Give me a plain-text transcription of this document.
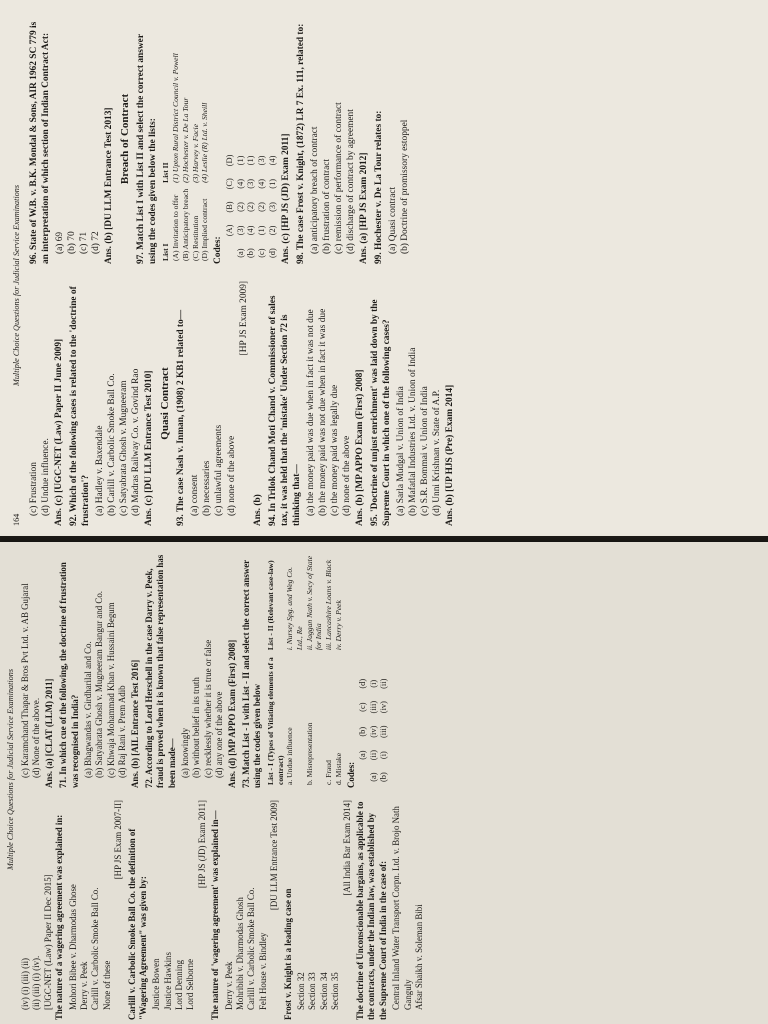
164
Multiple Choice Questions for Judicial Service Examinations
(c) Frustration (d) Undue influence. Ans. (c) [UGC-NET (Law) Paper II June 2009] 92. Which of the following cases is related to the 'doctrine of frustration'? (a) Hadley v. Baxendale (b) Carlill v. Carbolic Smoke Ball Co. (c) Satyabrata Ghosh v. Mugneeram (d) Madras Railway Co. v. Govind Rao Ans. (c) [DU LLM Entrance Test 2010] Quasi Contract 93. The case Nash v. Inman, (1908) 2 KB1 related to— (a) consent (b) necessaries (c) unlawful agreements (d) none of the above
[HP JS Exam 2009]
Ans. (b) 94. In Trilok Chand Moti Chand v. Commissioner of sales tax, it was held that the 'mistake' Under Section 72 is thinking that— (a) the money paid was due when in fact it was not due (b) the money paid was not due when in fact it was due (c) the money paid was legally due (d) none of the above Ans. (b) [MP APPO Exam (First) 2008] 95. 'Doctrine of unjust enrichment' was laid down by the Supreme Court in which one of the following cases? (a) Sarla Mudgal v. Union of India (b) Mafatlal Industries Ltd. v. Union of India (c) S.R. Bommai v. Union of India (d) Unni Krishnan v. State of A.P. Ans. (b) [UP HJS (Pre) Exam 2014]
96. State of W.B. v. B.K. Mondal & Sons, AIR 1962 SC 779 is an interpretation of which section of Indian Contract Act: (a) 69 (b) 70 (c) 71 (d) 72 Ans. (b) [DU LLM Entrance Test 2013] Breach of Contract 97. Match List I with List II and select the correct answer using the codes given below the lists: List I	List II
(A) Invitation to offer	(1) Upton Rural District Council v. Powell
(B) Anticipatory breach	(2) Hochester v. De La Tour
(C) Restitution	(3) Harvey v. Facie
(D) Implied contract	(4) Leslie (R) Ltd. v. Sheill
Codes:
	(A)	(B)	(C)	(D)
(a)	(3)	(2)	(4)	(1)
(b)	(4)	(2)	(3)	(1)
(c)	(1)	(2)	(4)	(3)
(d)	(2)	(3)	(1)	(4) Ans. (c) [HP JS (JD) Exam 2011] 98. The case Frost v. Knight, (1872) LR 7 Ex. 111, related to: (a) anticipatory breach of contract (b) frustration of contract (c) remission of performance of contract (d) discharge of contract by agreement Ans. (a) [HP JS Exam 2012] 99. Hochester v. De La Tour relates to: (a) Quasi contract (b) Doctrine of promissory estoppel
Multiple Choice Questions for Judicial Service Examinations
(iv) (i) (iii) (ii) (ii) (iii) (i) (iv). [UGC-NET (Law) Paper II Dec 2015] The nature of a wagering agreement was explained in: Mohori Bibee v. Dharmodas Ghose Derry v. Peek Carlill v. Carbolic Smoke Ball Co. None of these
[HP JS Exam 2007-II] Carlill v. Carbolic Smoke Ball Co. the definition of "Wagering Agreement" was given by: Justice Bowen Justice Hawkins Lord Denning Lord Selborne
[HP JS (JD) Exam 2011] The nature of 'wagering agreement' was explained in— Derry v. Peek Mohribibi v. Dharmodas Ghosh Carlill v. Carbolic Smoke Ball Co. Felt House v. Bindley
[DU LLM Entrance Test 2009]
Frost v. Knight is a leading case on Section 32 Section 33 Section 34 Section 35
[All India Bar Exam 2014] The doctrine of Unconscionable bargains, as applicable to the contracts, under the Indian law, was established by the Supreme Court of India in the case of: Central Inland Water Transport Corpn. Ltd. v. Brojo Nath Ganguly Afsar Shaikh v. Soleman Bibi
(c) Karamchand Thapar & Bros Pvt Ltd. v. AB Gujaral (d) None of the above. Ans. (a) [CLAT (LLM) 2011] 71. In which cue of the following, the doctrine of frustration was recognised in India? (a) Bhagwandas v. Girdharilal and Co. (b) Satyabrata Ghosh v. Mugneeram Bangur and Co. (c) Khwaja Mohammad Khan v. Hussaini Begum (d) Raj Rani v. Prem Adib Ans. (b) [AIL Entrance Test 2016] 72. According to Lord Herschell in the case Darry v. Peek, fraud is proved when it is known that false representation has been made— (a) knowingly (b) without belief in its truth (c) recklessly whether it is true or false (d) any one of the above Ans. (d) [MP APPO Exam (First) 2008] 73. Match List - I with List - II and select the correct answer using the codes given below List - I (Types of Vitiating elements of a contract)	List - II (Relevant case-law)
a. Undue influence	i. Nursey Spg. and Weg Co. Ltd., Re
b. Misrepresentation	ii. Jaggan Nath v. Secy of State for India
c. Fraud	iii. Lancashire Loans v. Black
d. Mistake	iv. Derry v. Peek
Codes:
	(a)	(b)	(c)	(d)
(a)	(ii)	(iv)	(iii)	(i)
(b)	(i)	(iii)	(iv)	(ii)
